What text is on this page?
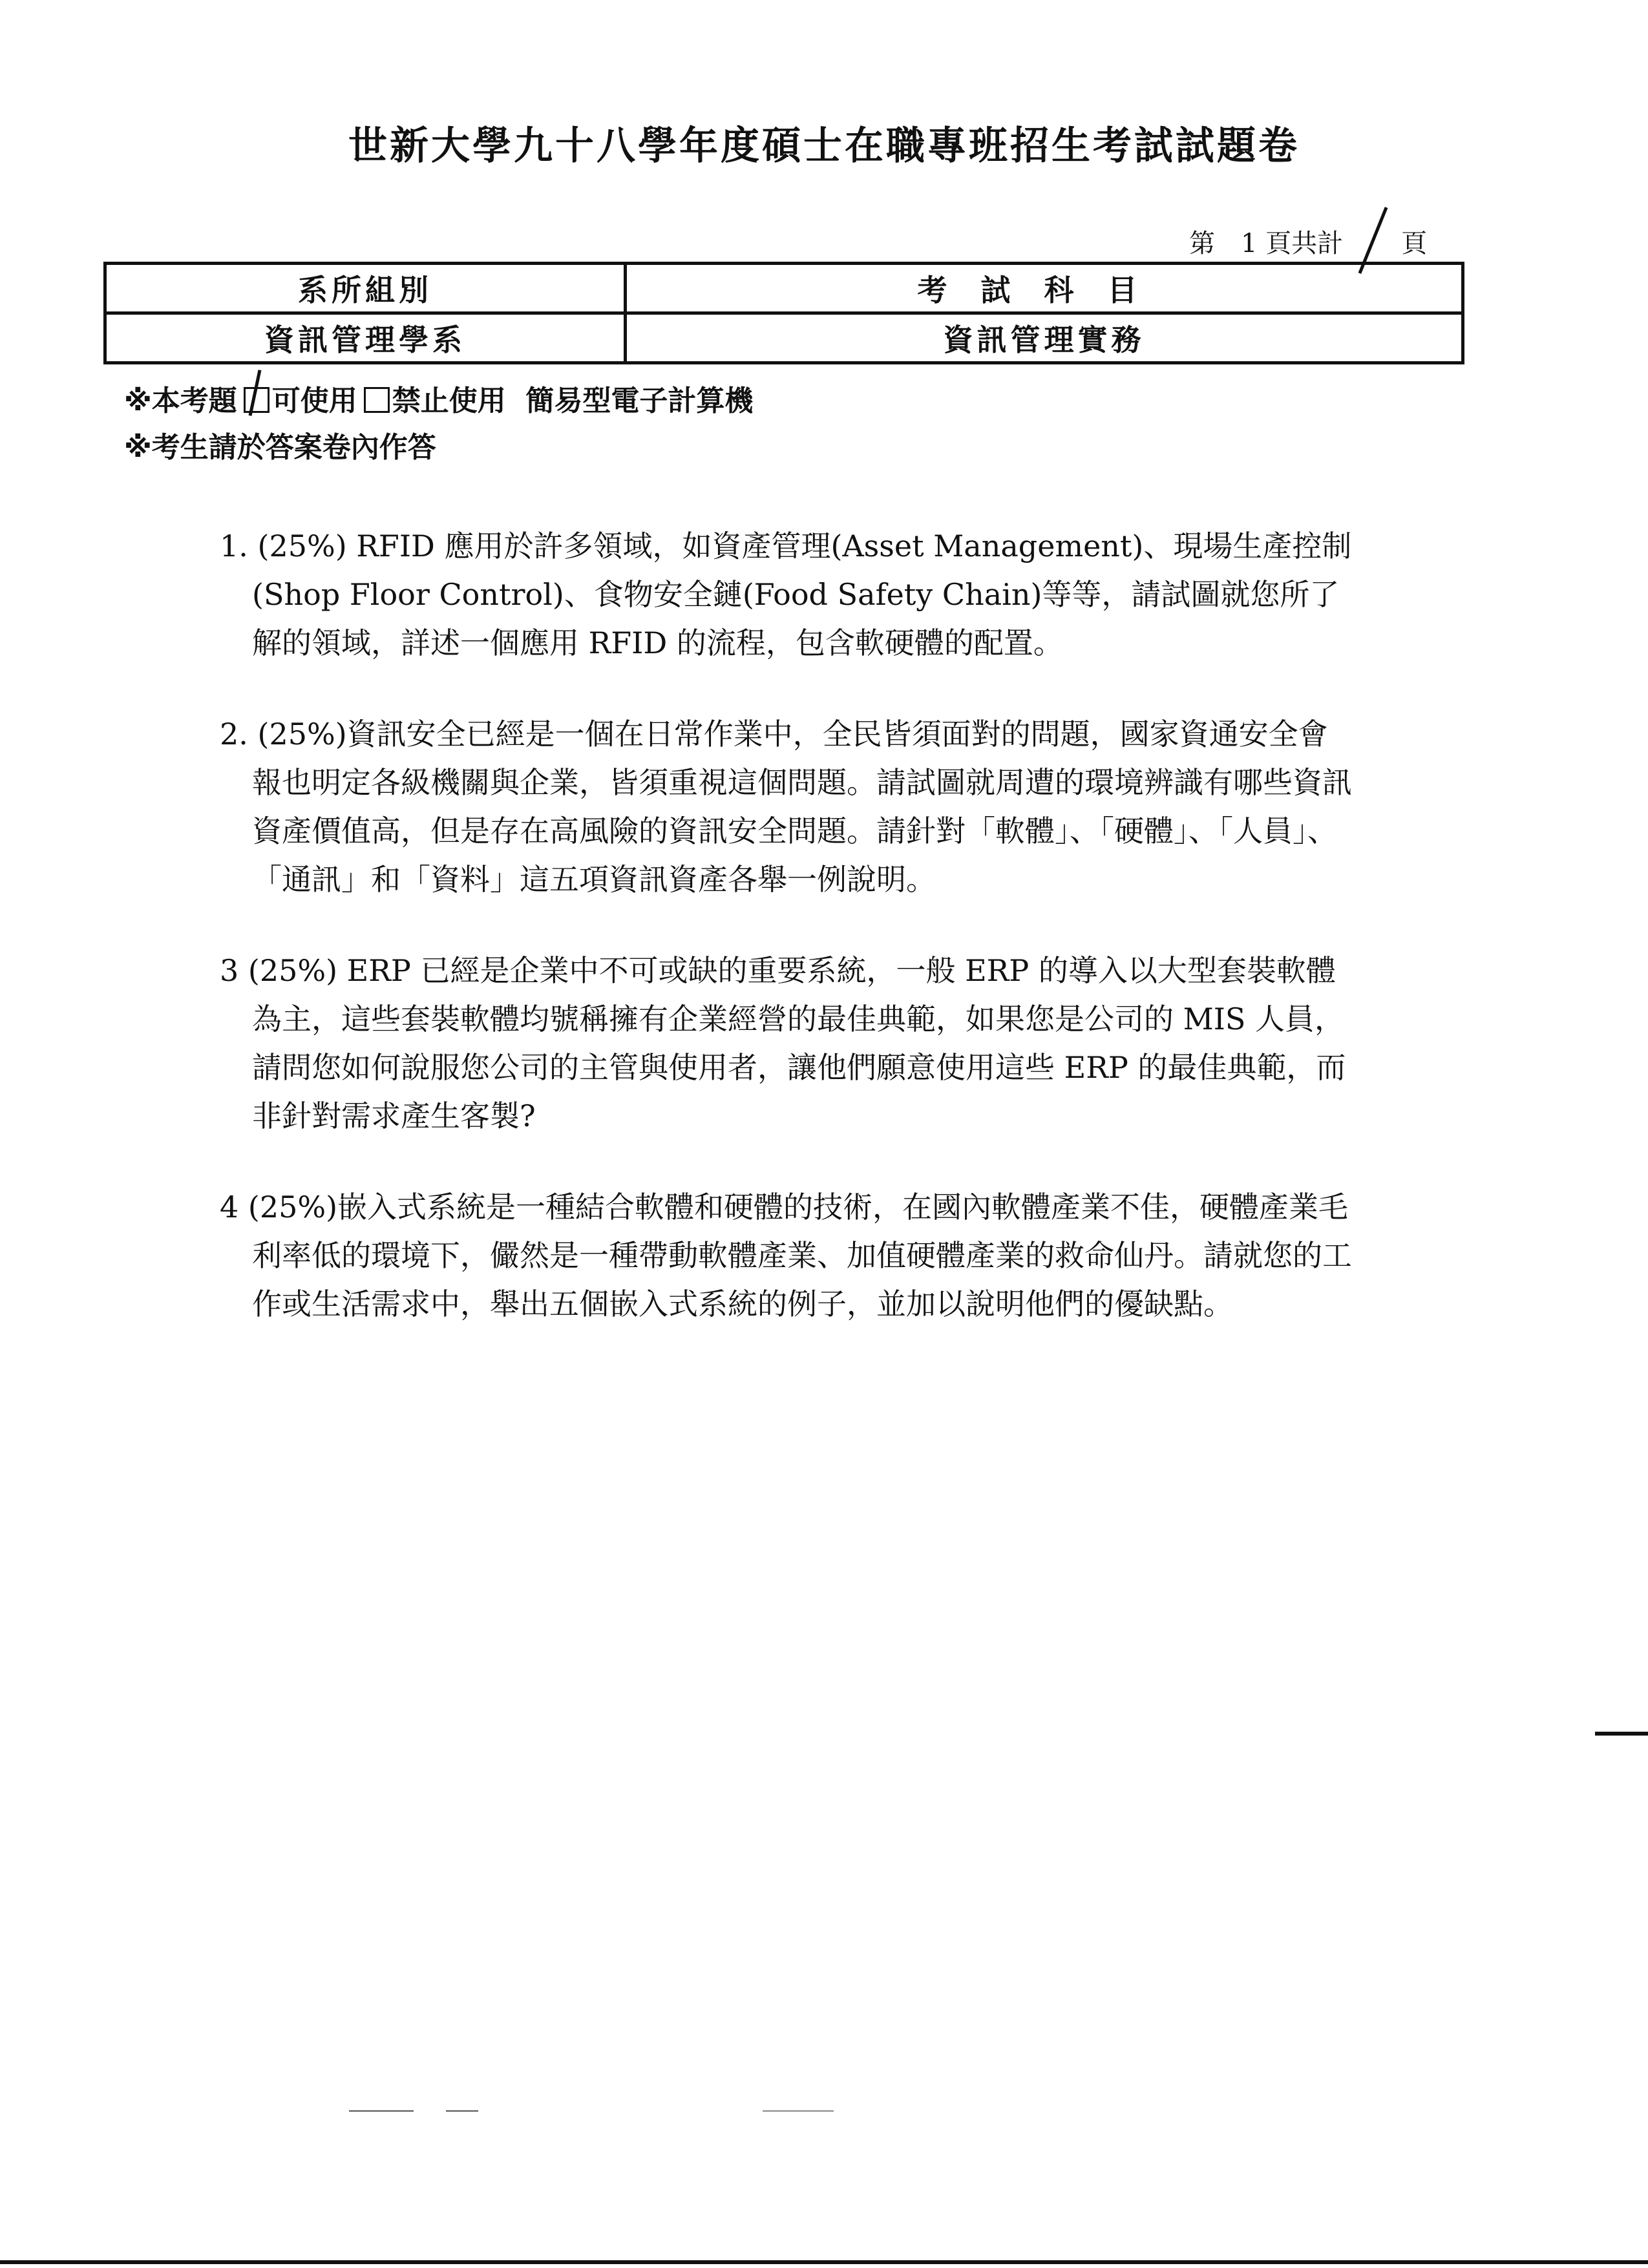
世新大學九十八學年度碩士在職專班招生考試試題卷
第　1 頁共計 頁
系所組別	考試科目
資訊管理學系	資訊管理實務
※本考題 可使用 禁止使用 簡易型電子計算機
※考生請於答案卷內作答
1. (25%) RFID 應用於許多領域，如資產管理(Asset Management)、現場生產控制(Shop Floor Control)、食物安全鏈(Food Safety Chain)等等，請試圖就您所了解的領域，詳述一個應用 RFID 的流程，包含軟硬體的配置。
2. (25%)資訊安全已經是一個在日常作業中，全民皆須面對的問題，國家資通安全會報也明定各級機關與企業，皆須重視這個問題。請試圖就周遭的環境辨識有哪些資訊資產價值高，但是存在高風險的資訊安全問題。請針對「軟體」、「硬體」、「人員」、「通訊」和「資料」這五項資訊資產各舉一例說明。
3 (25%) ERP 已經是企業中不可或缺的重要系統，一般 ERP 的導入以大型套裝軟體為主，這些套裝軟體均號稱擁有企業經營的最佳典範，如果您是公司的 MIS 人員，請問您如何說服您公司的主管與使用者，讓他們願意使用這些 ERP 的最佳典範，而非針對需求產生客製?
4 (25%)嵌入式系統是一種結合軟體和硬體的技術，在國內軟體產業不佳，硬體產業毛利率低的環境下，儼然是一種帶動軟體產業、加值硬體產業的救命仙丹。請就您的工作或生活需求中，舉出五個嵌入式系統的例子，並加以說明他們的優缺點。
